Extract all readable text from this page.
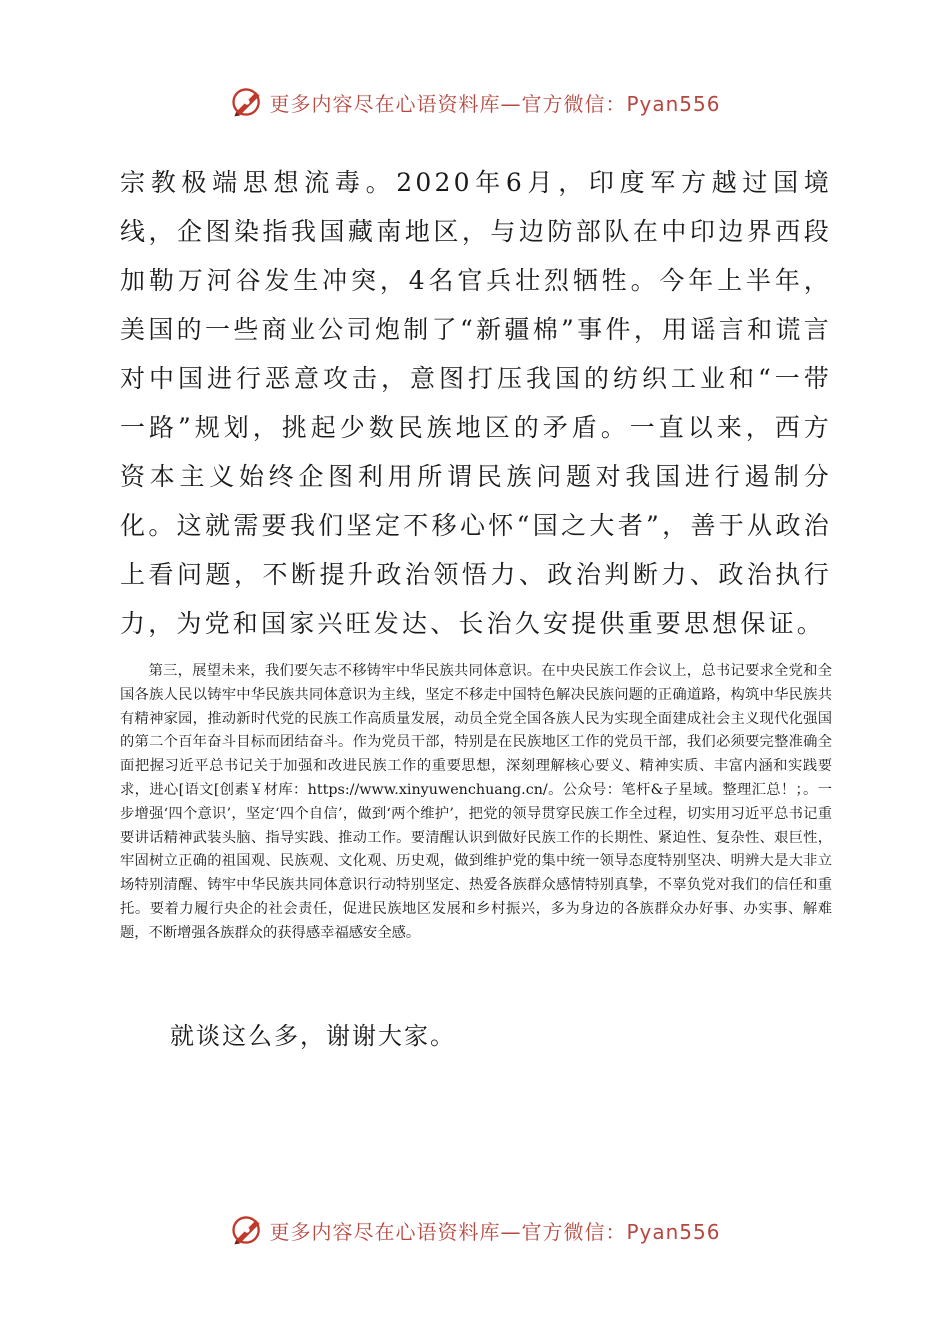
更多内容尽在心语资料库—官方微信：Pyan556

宗教极端思想流毒。2020年6月，印度军方越过国境线，企图染指我国藏南地区，与边防部队在中印边界西段加勒万河谷发生冲突，4名官兵壮烈牺牲。今年上半年，美国的一些商业公司炮制了“新疆棉”事件，用谣言和谎言对中国进行恶意攻击，意图打压我国的纺织工业和“一带一路”规划，挑起少数民族地区的矛盾。一直以来，西方资本主义始终企图利用所谓民族问题对我国进行遏制分化。这就需要我们坚定不移心怀“国之大者”，善于从政治上看问题，不断提升政治领悟力、政治判断力、政治执行力，为党和国家兴旺发达、长治久安提供重要思想保证。

第三，展望未来，我们要矢志不移铸牢中华民族共同体意识。在中央民族工作会议上，总书记要求全党和全国各族人民以铸牢中华民族共同体意识为主线，坚定不移走中国特色解决民族问题的正确道路，构筑中华民族共有精神家园，推动新时代党的民族工作高质量发展，动员全党全国各族人民为实现全面建成社会主义现代化强国的第二个百年奋斗目标而团结奋斗。作为党员干部，特别是在民族地区工作的党员干部，我们必须要完整准确全面把握习近平总书记关于加强和改进民族工作的重要思想，深刻理解核心要义、精神实质、丰富内涵和实践要求，进心[语文[创素￥材库：https://www.xinyuwenchuang.cn/。公众号：笔杆&子星域。整理汇总！；。一步增强‘四个意识’，坚定‘四个自信’，做到‘两个维护’，把党的领导贯穿民族工作全过程，切实用习近平总书记重要讲话精神武装头脑、指导实践、推动工作。要清醒认识到做好民族工作的长期性、紧迫性、复杂性、艰巨性，牢固树立正确的祖国观、民族观、文化观、历史观，做到维护党的集中统一领导态度特别坚决、明辨大是大非立场特别清醒、铸牢中华民族共同体意识行动特别坚定、热爱各族群众感情特别真挚，不辜负党对我们的信任和重托。要着力履行央企的社会责任，促进民族地区发展和乡村振兴，多为身边的各族群众办好事、办实事、解难题，不断增强各族群众的获得感幸福感安全感。

就谈这么多，谢谢大家。

更多内容尽在心语资料库—官方微信：Pyan556
